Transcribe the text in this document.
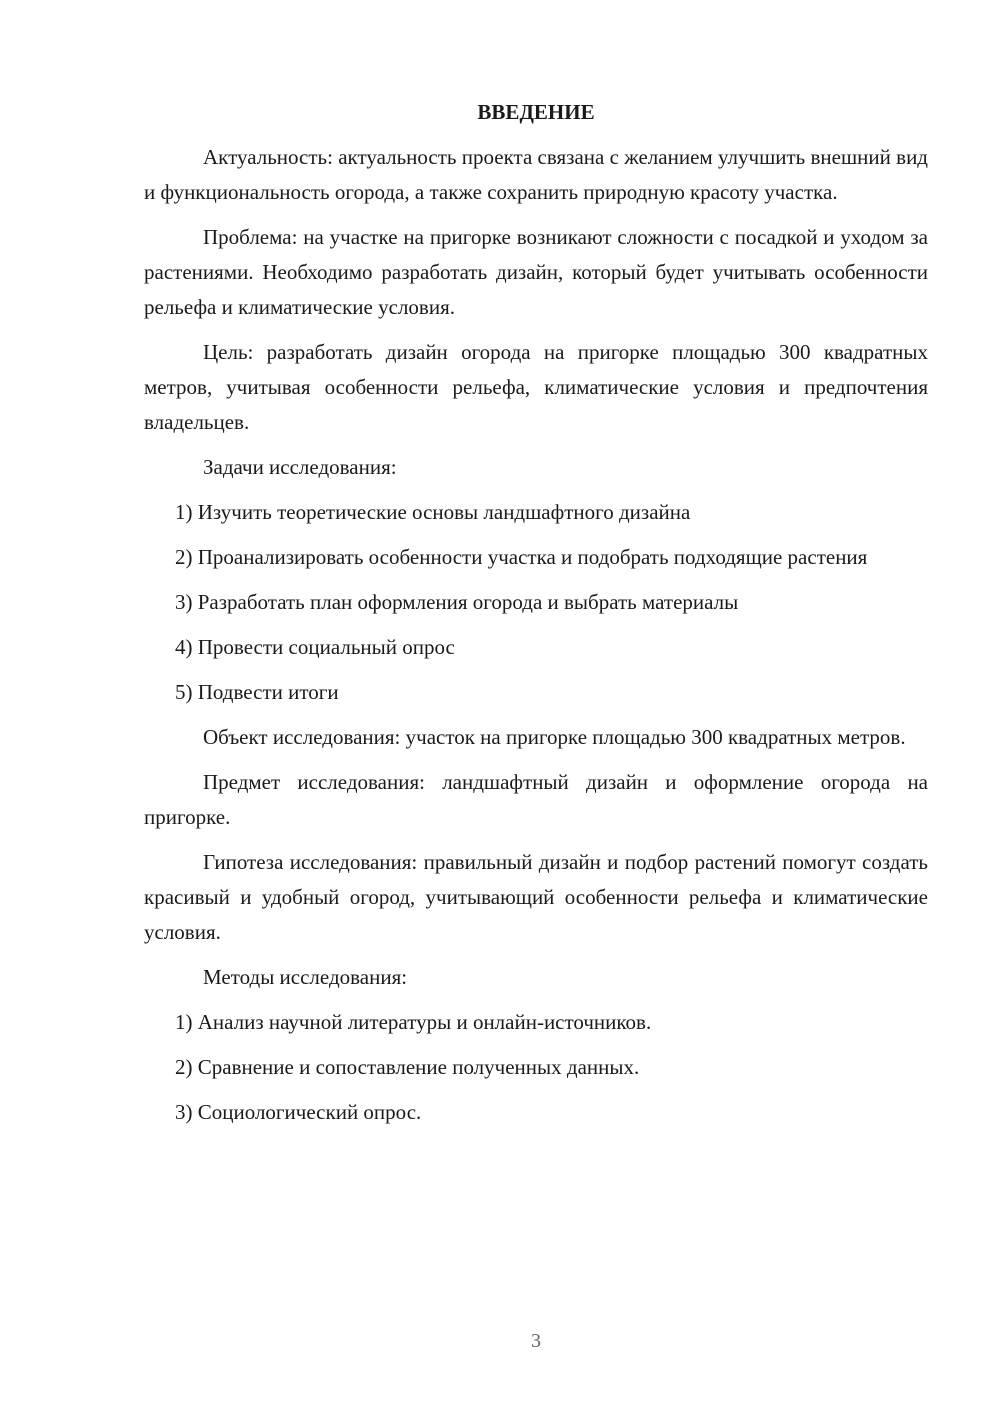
ВВЕДЕНИЕ

Актуальность: актуальность проекта связана с желанием улучшить внешний вид и функциональность огорода, а также сохранить природную красоту участка.

Проблема: на участке на пригорке возникают сложности с посадкой и уходом за растениями. Необходимо разработать дизайн, который будет учитывать особенности рельефа и климатические условия.

Цель: разработать дизайн огорода на пригорке площадью 300 квадратных метров, учитывая особенности рельефа, климатические условия и предпочтения владельцев.

Задачи исследования:

1) Изучить теоретические основы ландшафтного дизайна

2) Проанализировать особенности участка и подобрать подходящие растения

3) Разработать план оформления огорода и выбрать материалы

4) Провести социальный опрос

5) Подвести итоги

Объект исследования: участок на пригорке площадью 300 квадратных метров.

Предмет исследования: ландшафтный дизайн и оформление огорода на пригорке.

Гипотеза исследования: правильный дизайн и подбор растений помогут создать красивый и удобный огород, учитывающий особенности рельефа и климатические условия.

Методы исследования:

1) Анализ научной литературы и онлайн-источников.

2) Сравнение и сопоставление полученных данных.

3) Социологический опрос.

3
